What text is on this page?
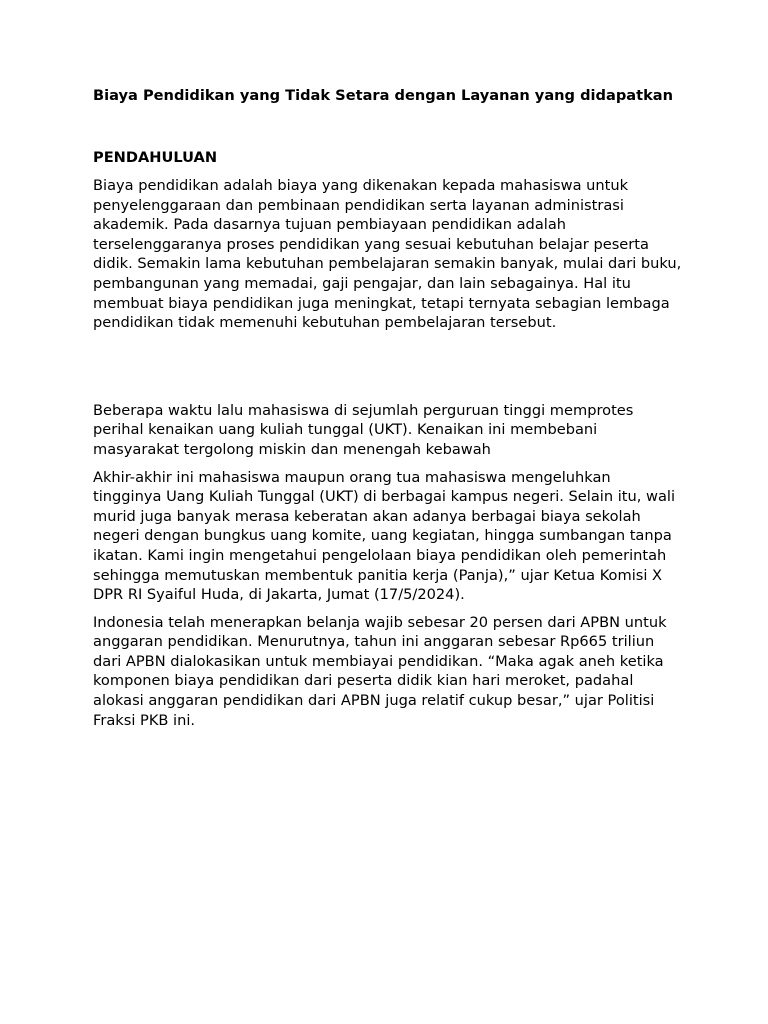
Biaya Pendidikan yang Tidak Setara dengan Layanan yang didapatkan
PENDAHULUAN

Biaya pendidikan adalah biaya yang dikenakan kepada mahasiswa untuk penyelenggaraan dan pembinaan pendidikan serta layanan administrasi akademik. Pada dasarnya tujuan pembiayaan pendidikan adalah terselenggaranya proses pendidikan yang sesuai kebutuhan belajar peserta didik. Semakin lama kebutuhan pembelajaran semakin banyak, mulai dari buku, pembangunan yang memadai, gaji pengajar, dan lain sebagainya. Hal itu membuat biaya pendidikan juga meningkat, tetapi ternyata sebagian lembaga pendidikan tidak memenuhi kebutuhan pembelajaran tersebut.

Beberapa waktu lalu mahasiswa di sejumlah perguruan tinggi memprotes perihal kenaikan uang kuliah tunggal (UKT). Kenaikan ini membebani masyarakat tergolong miskin dan menengah kebawah

Akhir-akhir ini mahasiswa maupun orang tua mahasiswa mengeluhkan tingginya Uang Kuliah Tunggal (UKT) di berbagai kampus negeri. Selain itu, wali murid juga banyak merasa keberatan akan adanya berbagai biaya sekolah negeri dengan bungkus uang komite, uang kegiatan, hingga sumbangan tanpa ikatan. Kami ingin mengetahui pengelolaan biaya pendidikan oleh pemerintah sehingga memutuskan membentuk panitia kerja (Panja),” ujar Ketua Komisi X DPR RI Syaiful Huda, di Jakarta, Jumat (17/5/2024).

Indonesia telah menerapkan belanja wajib sebesar 20 persen dari APBN untuk anggaran pendidikan. Menurutnya, tahun ini anggaran sebesar Rp665 triliun dari APBN dialokasikan untuk membiayai pendidikan. “Maka agak aneh ketika komponen biaya pendidikan dari peserta didik kian hari meroket, padahal alokasi anggaran pendidikan dari APBN juga relatif cukup besar,” ujar Politisi Fraksi PKB ini.
